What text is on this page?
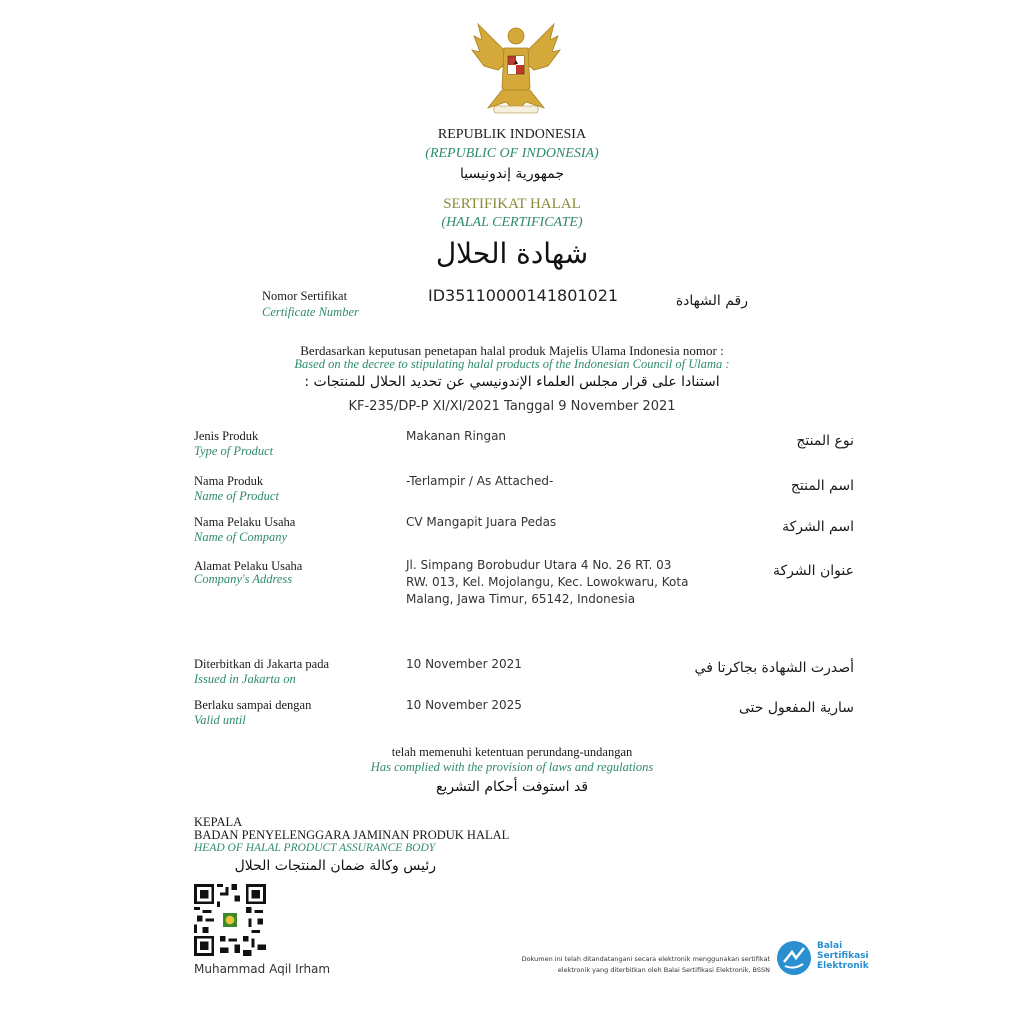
REPUBLIK INDONESIA
(REPUBLIC OF INDONESIA)
جمهورية إندونيسيا
SERTIFIKAT HALAL
(HALAL CERTIFICATE)
شهادة الحلال
Nomor Sertifikat
Certificate Number
ID35110000141801021	رقم الشهادة
Berdasarkan keputusan penetapan halal produk Majelis Ulama Indonesia nomor :
Based on the decree to stipulating halal products of the Indonesian Council of Ulama :
استنادا على قرار مجلس العلماء الإندونيسي عن تحديد الحلال للمنتجات :
KF-235/DP-P XI/XI/2021 Tanggal 9 November 2021
Jenis Produk
Type of Product
Makanan Ringan	نوع المنتج
Nama Produk
Name of Product
-Terlampir / As Attached-	اسم المنتج
Nama Pelaku Usaha
Name of Company
CV Mangapit Juara Pedas	اسم الشركة
Alamat Pelaku Usaha
Company's Address
Jl. Simpang Borobudur Utara 4 No. 26 RT. 03
RW. 013, Kel. Mojolangu, Kec. Lowokwaru, Kota
Malang, Jawa Timur, 65142, Indonesia
عنوان الشركة
Diterbitkan di Jakarta pada
Issued in Jakarta on
10 November 2021	أصدرت الشهادة بجاكرتا في
Berlaku sampai dengan
Valid until
10 November 2025	سارية المفعول حتى
telah memenuhi ketentuan perundang-undangan
Has complied with the provision of laws and regulations
قد استوفت أحكام التشريع
KEPALA
BADAN PENYELENGGARA JAMINAN PRODUK HALAL
HEAD OF HALAL PRODUCT ASSURANCE BODY
رئيس وكالة ضمان المنتجات الحلال
Muhammad Aqil Irham
Dokumen ini telah ditandatangani secara elektronik menggunakan sertifikat
elektronik yang diterbitkan oleh Balai Sertifikasi Elektronik, BSSN
Balai
Sertifikasi
Elektronik
